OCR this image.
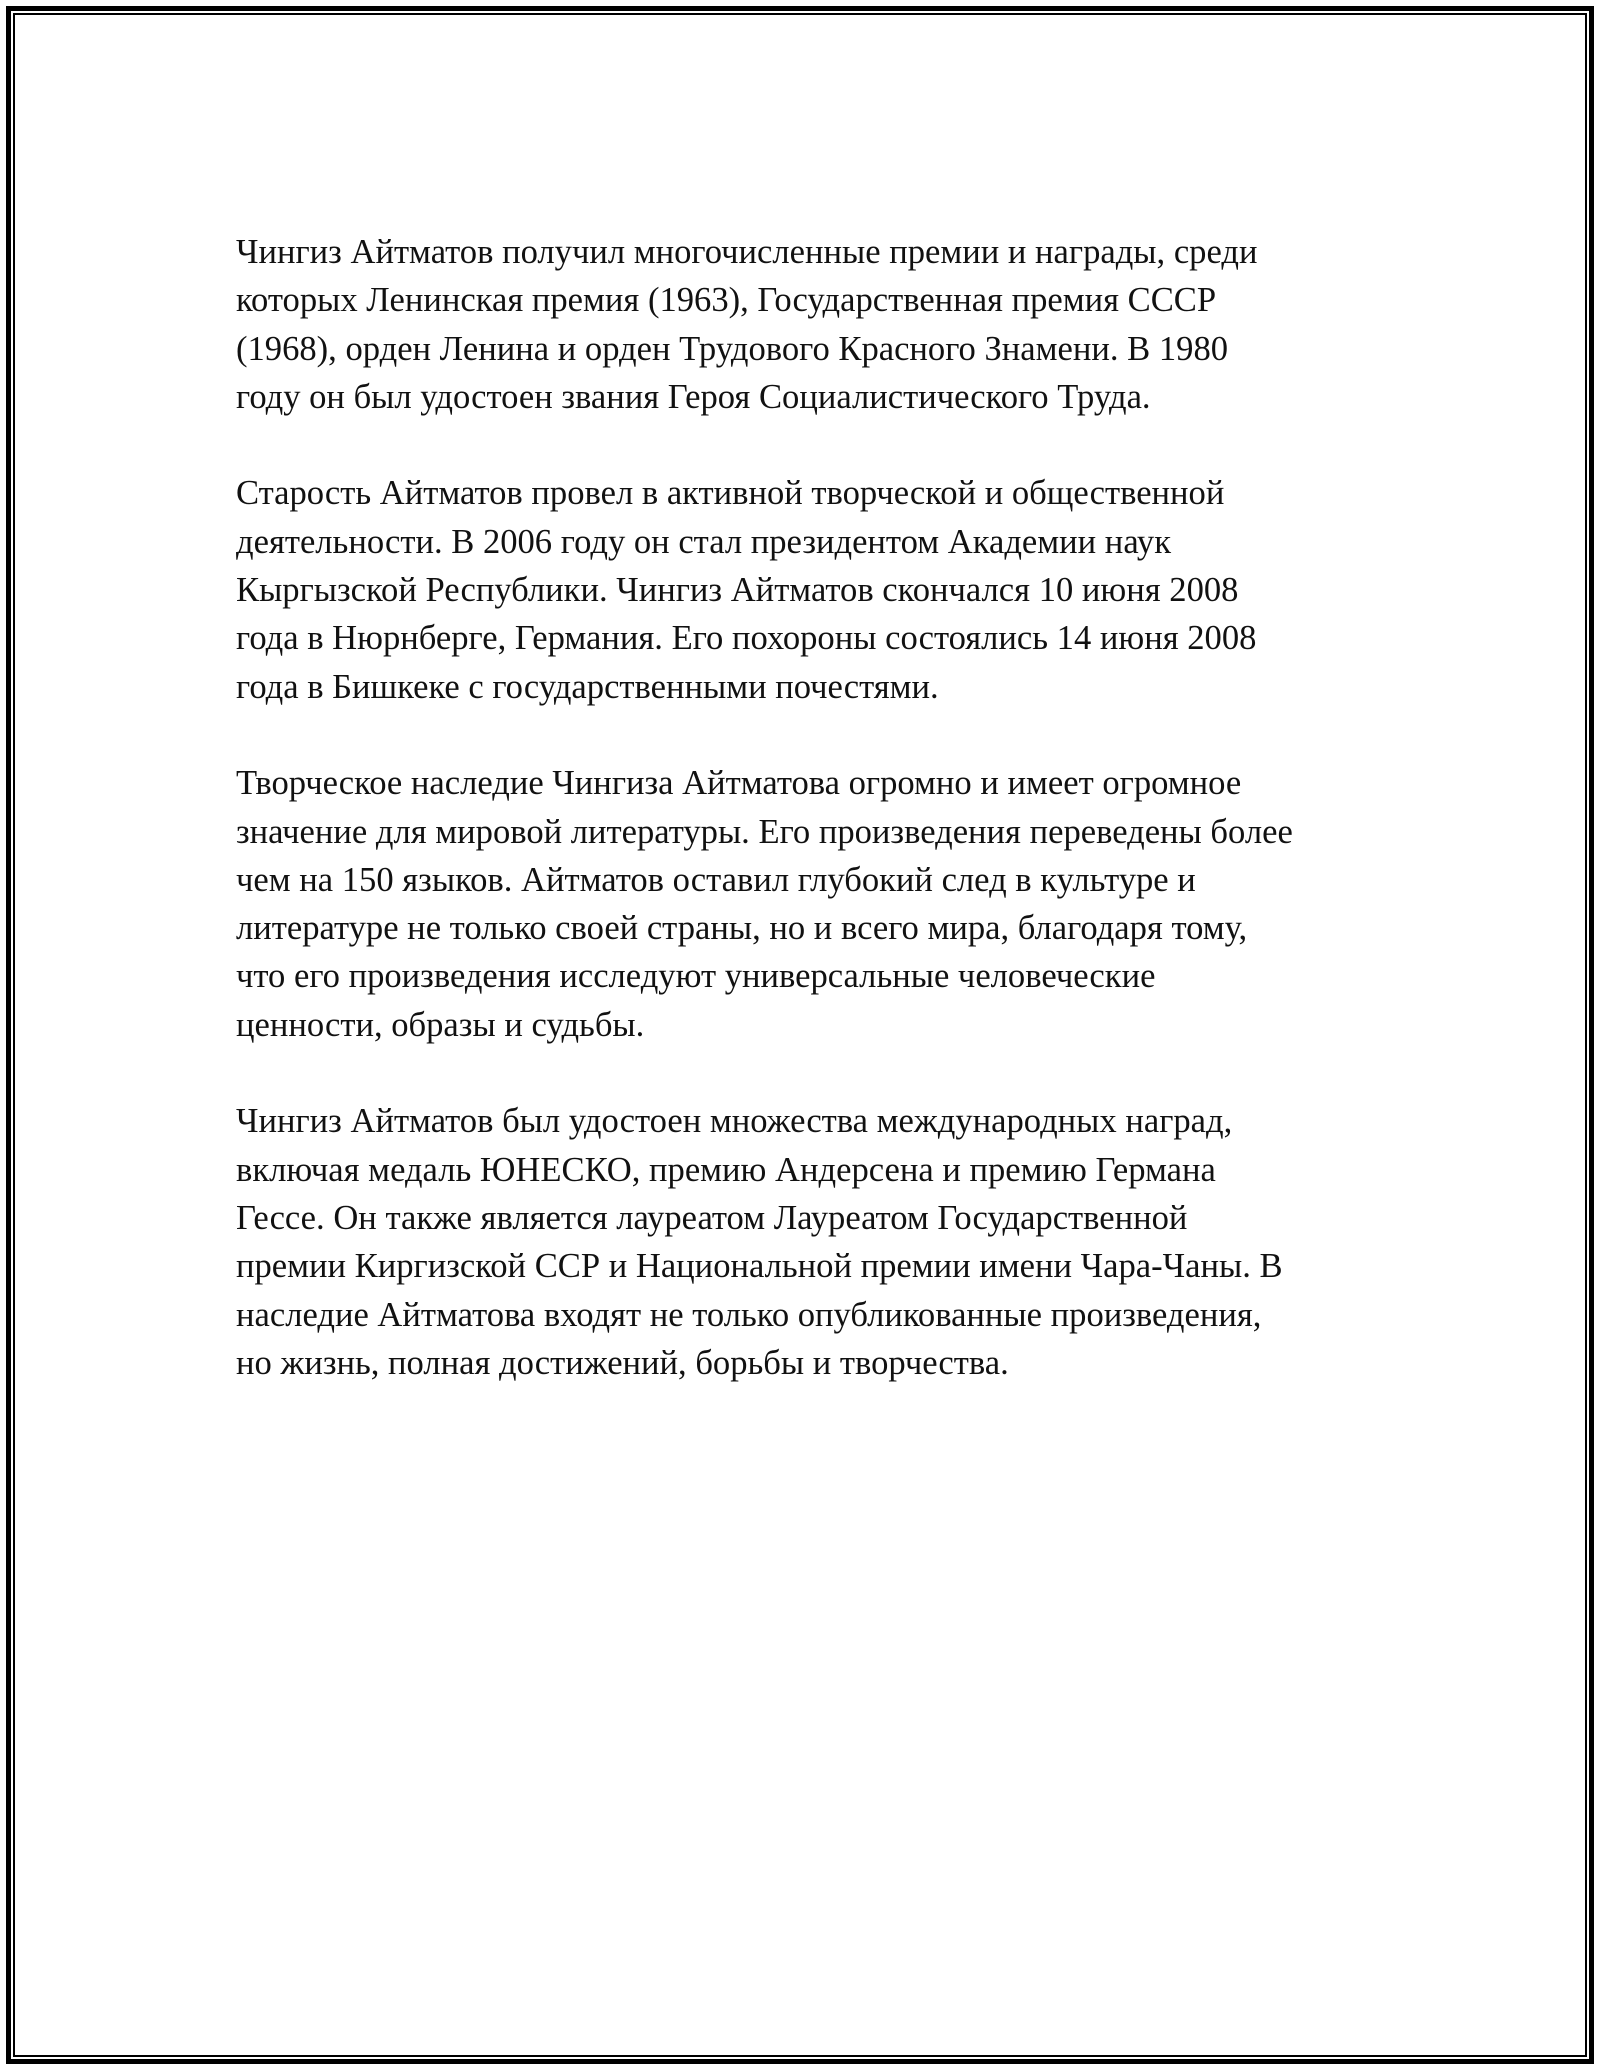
Чингиз Айтматов получил многочисленные премии и награды, среди
которых Ленинская премия (1963), Государственная премия СССР
(1968), орден Ленина и орден Трудового Красного Знамени. В 1980
году он был удостоен звания Героя Социалистического Труда.

Старость Айтматов провел в активной творческой и общественной
деятельности. В 2006 году он стал президентом Академии наук
Кыргызской Республики. Чингиз Айтматов скончался 10 июня 2008
года в Нюрнберге, Германия. Его похороны состоялись 14 июня 2008
года в Бишкеке с государственными почестями.

Творческое наследие Чингиза Айтматова огромно и имеет огромное
значение для мировой литературы. Его произведения переведены более
чем на 150 языков. Айтматов оставил глубокий след в культуре и
литературе не только своей страны, но и всего мира, благодаря тому,
что его произведения исследуют универсальные человеческие
ценности, образы и судьбы.

Чингиз Айтматов был удостоен множества международных наград,
включая медаль ЮНЕСКО, премию Андерсена и премию Германа
Гессе. Он также является лауреатом Лауреатом Государственной
премии Киргизской ССР и Национальной премии имени Чара-Чаны. В
наследие Айтматова входят не только опубликованные произведения,
но жизнь, полная достижений, борьбы и творчества.
